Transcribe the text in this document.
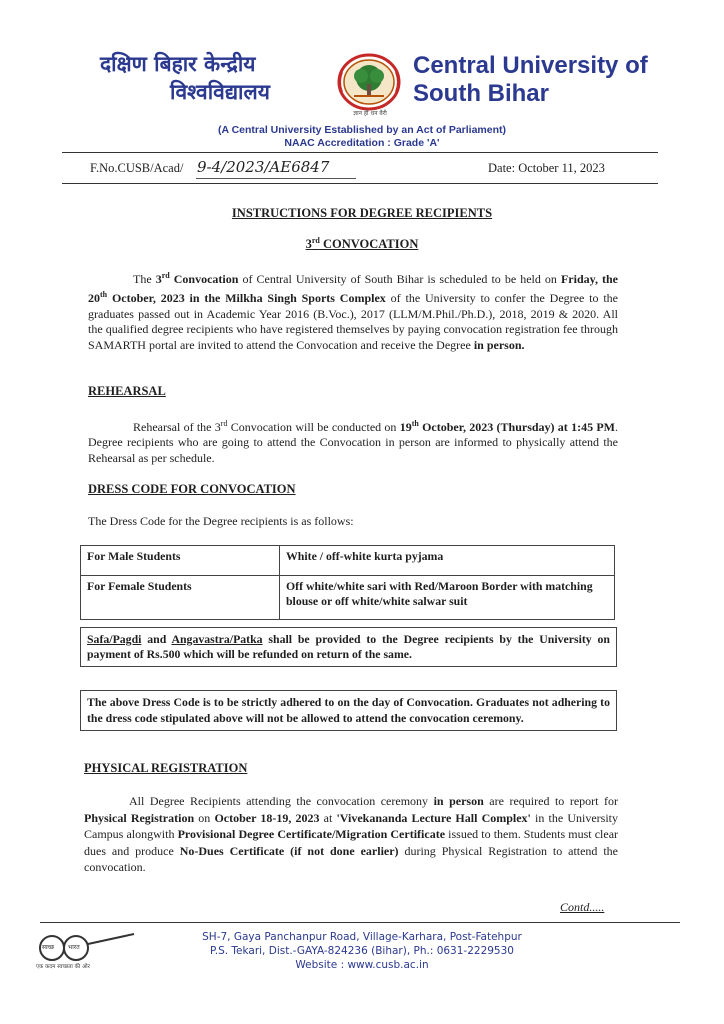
दक्षिण बिहार केन्द्रीय
विश्वविद्यालय
ज्ञान ही धन वैरी
Central University of
South Bihar
(A Central University Established by an Act of Parliament)
NAAC Accreditation : Grade 'A'
F.No.CUSB/Acad/ 9-4/2023/AE6847	Date: October 11, 2023
INSTRUCTIONS FOR DEGREE RECIPIENTS
3rd CONVOCATION
The 3rd Convocation of Central University of South Bihar is scheduled to be held on Friday, the 20th October, 2023 in the Milkha Singh Sports Complex of the University to confer the Degree to the graduates passed out in Academic Year 2016 (B.Voc.), 2017 (LLM/M.Phil./Ph.D.), 2018, 2019 & 2020. All the qualified degree recipients who have registered themselves by paying convocation registration fee through SAMARTH portal are invited to attend the Convocation and receive the Degree in person.
REHEARSAL
Rehearsal of the 3rd Convocation will be conducted on 19th October, 2023 (Thursday) at 1:45 PM. Degree recipients who are going to attend the Convocation in person are informed to physically attend the Rehearsal as per schedule.
DRESS CODE FOR CONVOCATION
The Dress Code for the Degree recipients is as follows:
For Male Students	White / off-white kurta pyjama
For Female Students	Off white/white sari with Red/Maroon Border with matching blouse or off white/white salwar suit
Safa/Pagdi and Angavastra/Patka shall be provided to the Degree recipients by the University on payment of Rs.500 which will be refunded on return of the same.
The above Dress Code is to be strictly adhered to on the day of Convocation. Graduates not adhering to the dress code stipulated above will not be allowed to attend the convocation ceremony.
PHYSICAL REGISTRATION
All Degree Recipients attending the convocation ceremony in person are required to report for Physical Registration on October 18-19, 2023 at 'Vivekananda Lecture Hall Complex' in the University Campus alongwith Provisional Degree Certificate/Migration Certificate issued to them. Students must clear dues and produce No-Dues Certificate (if not done earlier) during Physical Registration to attend the convocation.
Contd.....
स्वच्छ भारत
एक कदम स्वच्छता की ओर
SH-7, Gaya Panchanpur Road, Village-Karhara, Post-Fatehpur
P.S. Tekari, Dist.-GAYA-824236 (Bihar), Ph.: 0631-2229530
Website : www.cusb.ac.in
